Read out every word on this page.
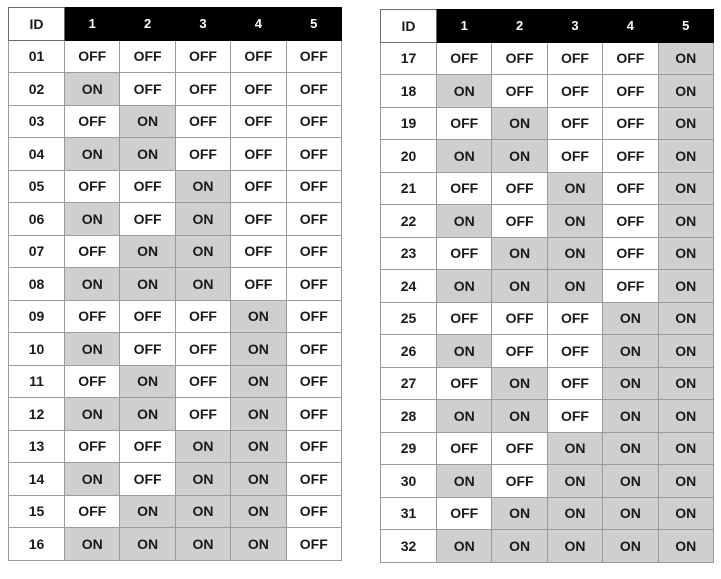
ID	1	2	3	4	5
01	OFF	OFF	OFF	OFF	OFF
02	ON	OFF	OFF	OFF	OFF
03	OFF	ON	OFF	OFF	OFF
04	ON	ON	OFF	OFF	OFF
05	OFF	OFF	ON	OFF	OFF
06	ON	OFF	ON	OFF	OFF
07	OFF	ON	ON	OFF	OFF
08	ON	ON	ON	OFF	OFF
09	OFF	OFF	OFF	ON	OFF
10	ON	OFF	OFF	ON	OFF
11	OFF	ON	OFF	ON	OFF
12	ON	ON	OFF	ON	OFF
13	OFF	OFF	ON	ON	OFF
14	ON	OFF	ON	ON	OFF
15	OFF	ON	ON	ON	OFF
16	ON	ON	ON	ON	OFF
ID	1	2	3	4	5
17	OFF	OFF	OFF	OFF	ON
18	ON	OFF	OFF	OFF	ON
19	OFF	ON	OFF	OFF	ON
20	ON	ON	OFF	OFF	ON
21	OFF	OFF	ON	OFF	ON
22	ON	OFF	ON	OFF	ON
23	OFF	ON	ON	OFF	ON
24	ON	ON	ON	OFF	ON
25	OFF	OFF	OFF	ON	ON
26	ON	OFF	OFF	ON	ON
27	OFF	ON	OFF	ON	ON
28	ON	ON	OFF	ON	ON
29	OFF	OFF	ON	ON	ON
30	ON	OFF	ON	ON	ON
31	OFF	ON	ON	ON	ON
32	ON	ON	ON	ON	ON
